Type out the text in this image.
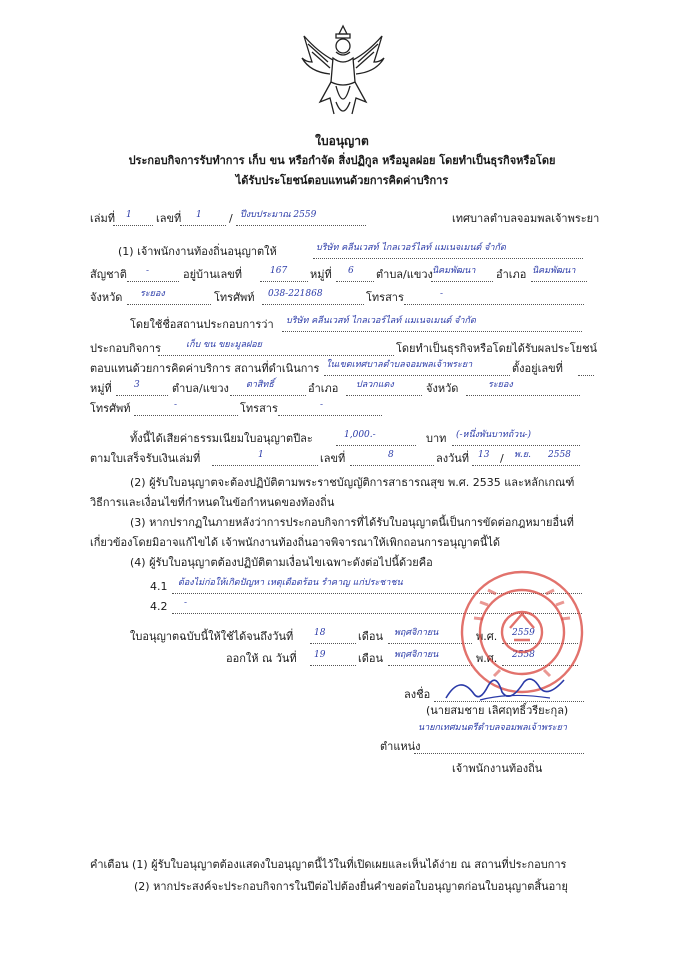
ใบอนุญาต
ประกอบกิจการรับทำการ เก็บ ขน หรือกำจัด สิ่งปฏิกูล หรือมูลฝอย โดยทำเป็นธุรกิจหรือโดย
ได้รับประโยชน์ตอบแทนด้วยการคิดค่าบริการ
เล่มที่ 1 เลขที่ 1 / ปีงบประมาณ 2559	เทศบาลตำบลจอมพลเจ้าพระยา
(1) เจ้าพนักงานท้องถิ่นอนุญาตให้	บริษัท คลีนเวสท์ ไกลเวอร์ไลท์ แมเนจเมนต์ จำกัด
สัญชาติ -	อยู่บ้านเลขที่	167 หมู่ที่ 6 ตำบล/แขวง นิคมพัฒนา อำเภอ นิคมพัฒนา
จังหวัด ระยอง	โทรศัพท์ 038-221868	โทรสาร	-
โดยใช้ชื่อสถานประกอบการว่า บริษัท คลีนเวสท์ ไกลเวอร์ไลท์ แมเนจเมนต์ จำกัด
ประกอบกิจการ	เก็บ ขน ขยะมูลฝอย	โดยทำเป็นธุรกิจหรือโดยได้รับผลประโยชน์
ตอบแทนด้วยการคิดค่าบริการ สถานที่ดำเนินการ ในเขตเทศบาลตำบลจอมพลเจ้าพระยา	ตั้งอยู่เลขที่
หมู่ที่ 3	ตำบล/แขวง ตาสิทธิ์	อำเภอ ปลวกแดง	จังหวัด	ระยอง
โทรศัพท์	-	โทรสาร	-
ทั้งนี้ได้เสียค่าธรรมเนียมใบอนุญาตปีละ	1,000.-	บาท (-หนึ่งพันบาทถ้วน-)
ตามใบเสร็จรับเงินเล่มที่	1	เลขที่	8	ลงวันที่ 13 / พ.ย. 2558
(2) ผู้รับใบอนุญาตจะต้องปฏิบัติตามพระราชบัญญัติการสาธารณสุข พ.ศ. 2535 และหลักเกณฑ์
วิธีการและเงื่อนไขที่กำหนดในข้อกำหนดของท้องถิ่น
(3) หากปรากฏในภายหลังว่าการประกอบกิจการที่ได้รับใบอนุญาตนี้เป็นการขัดต่อกฎหมายอื่นที่
เกี่ยวข้องโดยมิอาจแก้ไขได้ เจ้าพนักงานท้องถิ่นอาจพิจารณาให้เพิกถอนการอนุญาตนี้ได้
(4) ผู้รับใบอนุญาตต้องปฏิบัติตามเงื่อนไขเฉพาะดังต่อไปนี้ด้วยคือ
4.1 ต้องไม่ก่อให้เกิดปัญหา เหตุเดือดร้อน รำคาญ แก่ประชาชน
4.2 -
ใบอนุญาตฉบับนี้ให้ใช้ได้จนถึงวันที่ 18	เดือน พฤศจิกายน	พ.ศ. 2559
ออกให้ ณ วันที่ 19	เดือน พฤศจิกายน	พ.ศ. 2558
ลงชื่อ
(นายสมชาย เลิศฤทธิ์วรียะกุล)
นายกเทศมนตรีตำบลจอมพลเจ้าพระยา
ตำแหน่ง
เจ้าพนักงานท้องถิ่น
คำเตือน (1) ผู้รับใบอนุญาตต้องแสดงใบอนุญาตนี้ไว้ในที่เปิดเผยและเห็นได้ง่าย ณ สถานที่ประกอบการ
(2) หากประสงค์จะประกอบกิจการในปีต่อไปต้องยื่นคำขอต่อใบอนุญาตก่อนใบอนุญาตสิ้นอายุ
